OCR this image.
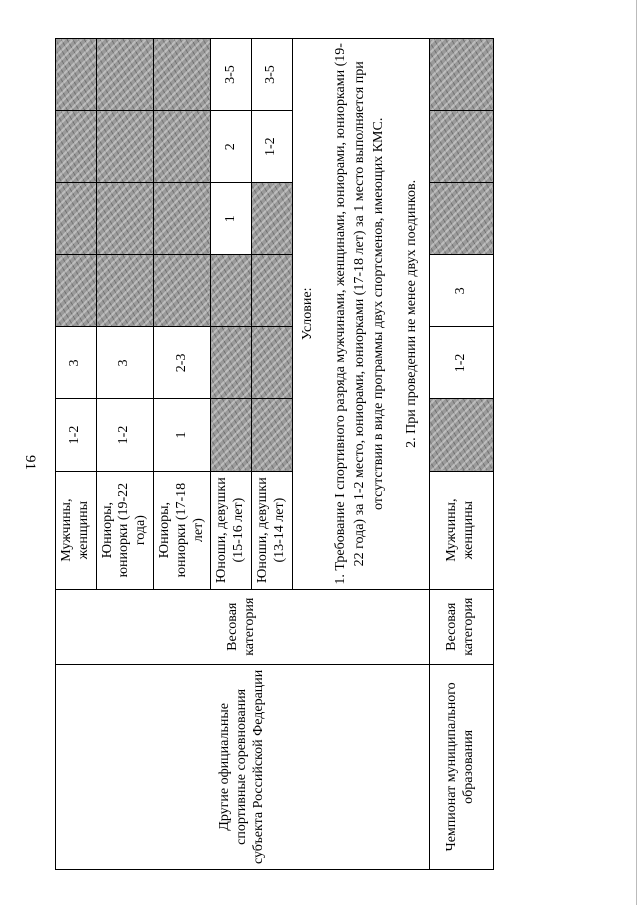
91
Другие официальные спортивные соревнования субъекта Российской Федерации	Весовая категория	Мужчины, женщины	1-2	3				
		Юниоры, юниорки (19-22 года)	1-2	3				
		Юниоры, юниорки (17-18 лет)	1	2-3				
		Юноши, девушки (15-16 лет)				1	2	3-5
		Юноши, девушки (13-14 лет)					1-2	3-5

		Условие: 1. Требование I спортивного разряда мужчинами, женщинами, юниорами, юниорками (19-22 года) за 1-2 место, юниорами, юниорками (17-18 лет) за 1 место выполняется при отсутствии в виде программы двух спортсменов, имеющих КМС. 2. При проведении не менее двух поединков.						

Чемпионат муниципального образования	Весовая категория	Мужчины, женщины		1-2	3			
